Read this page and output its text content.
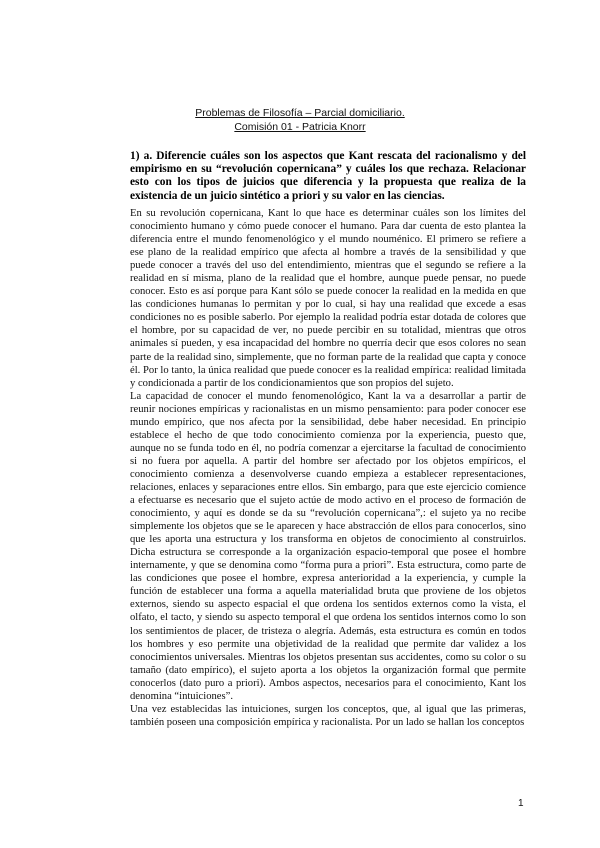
Problemas de Filosofía – Parcial domiciliario.
Comisión 01 - Patricia Knorr
1) a. Diferencie cuáles son los aspectos que Kant rescata del racionalismo y del empirismo en su “revolución copernicana” y cuáles los que rechaza. Relacionar esto con los tipos de juicios que diferencia y la propuesta que realiza de la existencia de un juicio sintético a priori y su valor en las ciencias.

En su revolución copernicana, Kant lo que hace es determinar cuáles son los límites del conocimiento humano y cómo puede conocer el humano. Para dar cuenta de esto plantea la diferencia entre el mundo fenomenológico y el mundo nouménico. El primero se refiere a ese plano de la realidad empírico que afecta al hombre a través de la sensibilidad y que puede conocer a través del uso del entendimiento, mientras que el segundo se refiere a la realidad en sí misma, plano de la realidad que el hombre, aunque puede pensar, no puede conocer. Esto es así porque para Kant sólo se puede conocer la realidad en la medida en que las condiciones humanas lo permitan y por lo cual, si hay una realidad que excede a esas condiciones no es posible saberlo. Por ejemplo la realidad podría estar dotada de colores que el hombre, por su capacidad de ver, no puede percibir en su totalidad, mientras que otros animales sí pueden, y esa incapacidad del hombre no querría decir que esos colores no sean parte de la realidad sino, simplemente, que no forman parte de la realidad que capta y conoce él. Por lo tanto, la única realidad que puede conocer es la realidad empírica: realidad limitada y condicionada a partir de los condicionamientos que son propios del sujeto.

La capacidad de conocer el mundo fenomenológico, Kant la va a desarrollar a partir de reunir nociones empíricas y racionalistas en un mismo pensamiento: para poder conocer ese mundo empírico, que nos afecta por la sensibilidad, debe haber necesidad. En principio establece el hecho de que todo conocimiento comienza por la experiencia, puesto que, aunque no se funda todo en él, no podría comenzar a ejercitarse la facultad de conocimiento si no fuera por aquella. A partir del hombre ser afectado por los objetos empíricos, el conocimiento comienza a desenvolverse cuando empieza a establecer representaciones, relaciones, enlaces y separaciones entre ellos. Sin embargo, para que este ejercicio comience a efectuarse es necesario que el sujeto actúe de modo activo en el proceso de formación de conocimiento, y aquí es donde se da su “revolución copernicana”,: el sujeto ya no recibe simplemente los objetos que se le aparecen y hace abstracción de ellos para conocerlos, sino que les aporta una estructura y los transforma en objetos de conocimiento al construirlos. Dicha estructura se corresponde a la organización espacio-temporal que posee el hombre internamente, y que se denomina como “forma pura a priori”. Esta estructura, como parte de las condiciones que posee el hombre, expresa anterioridad a la experiencia, y cumple la función de establecer una forma a aquella materialidad bruta que proviene de los objetos externos, siendo su aspecto espacial el que ordena los sentidos externos como la vista, el olfato, el tacto, y siendo su aspecto temporal el que ordena los sentidos internos como lo son los sentimientos de placer, de tristeza o alegría. Además, esta estructura es común en todos los hombres y eso permite una objetividad de la realidad que permite dar validez a los conocimientos universales. Mientras los objetos presentan sus accidentes, como su color o su tamaño (dato empírico), el sujeto aporta a los objetos la organización formal que permite conocerlos (dato puro a priori). Ambos aspectos, necesarios para el conocimiento, Kant los denomina “intuiciones”.

Una vez establecidas las intuiciones, surgen los conceptos, que, al igual que las primeras, también poseen una composición empírica y racionalista. Por un lado se hallan los conceptos

1
